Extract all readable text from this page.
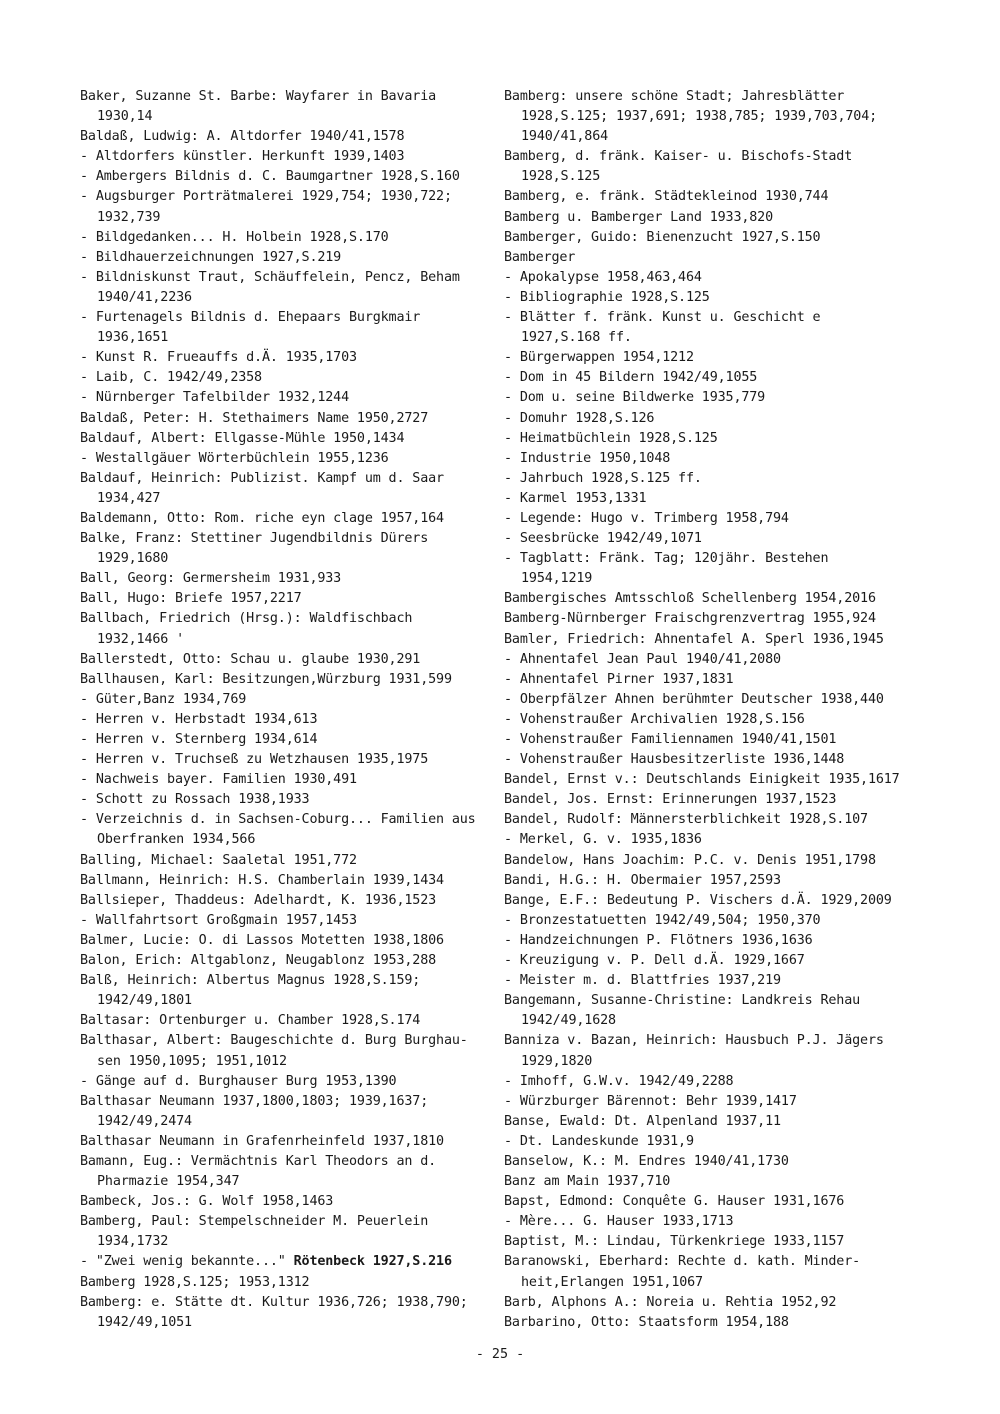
Baker, Suzanne St. Barbe: Wayfarer in Bavaria
1930,14
Baldaß, Ludwig: A. Altdorfer 1940/41,1578
- Altdorfers künstler. Herkunft 1939,1403
- Ambergers Bildnis d. C. Baumgartner 1928,S.160
- Augsburger Porträtmalerei 1929,754; 1930,722;
1932,739
- Bildgedanken... H. Holbein 1928,S.170
- Bildhauerzeichnungen 1927,S.219
- Bildniskunst Traut, Schäuffelein, Pencz, Beham
1940/41,2236
- Furtenagels Bildnis d. Ehepaars Burgkmair
1936,1651
- Kunst R. Frueauffs d.Ä. 1935,1703
- Laib, C. 1942/49,2358
- Nürnberger Tafelbilder 1932,1244
Baldaß, Peter: H. Stethaimers Name 1950,2727
Baldauf, Albert: Ellgasse-Mühle 1950,1434
- Westallgäuer Wörterbüchlein 1955,1236
Baldauf, Heinrich: Publizist. Kampf um d. Saar
1934,427
Baldemann, Otto: Rom. riche eyn clage 1957,164
Balke, Franz: Stettiner Jugendbildnis Dürers
1929,1680
Ball, Georg: Germersheim 1931,933
Ball, Hugo: Briefe 1957,2217
Ballbach, Friedrich (Hrsg.): Waldfischbach
1932,1466 '
Ballerstedt, Otto: Schau u. glaube 1930,291
Ballhausen, Karl: Besitzungen,Würzburg 1931,599
- Güter,Banz 1934,769
- Herren v. Herbstadt 1934,613
- Herren v. Sternberg 1934,614
- Herren v. Truchseß zu Wetzhausen 1935,1975
- Nachweis bayer. Familien 1930,491
- Schott zu Rossach 1938,1933
- Verzeichnis d. in Sachsen-Coburg... Familien aus
Oberfranken 1934,566
Balling, Michael: Saaletal 1951,772
Ballmann, Heinrich: H.S. Chamberlain 1939,1434
Ballsieper, Thaddeus: Adelhardt, K. 1936,1523
- Wallfahrtsort Großgmain 1957,1453
Balmer, Lucie: O. di Lassos Motetten 1938,1806
Balon, Erich: Altgablonz, Neugablonz 1953,288
Balß, Heinrich: Albertus Magnus 1928,S.159;
1942/49,1801
Baltasar: Ortenburger u. Chamber 1928,S.174
Balthasar, Albert: Baugeschichte d. Burg Burghau-
sen 1950,1095; 1951,1012
- Gänge auf d. Burghauser Burg 1953,1390
Balthasar Neumann 1937,1800,1803; 1939,1637;
1942/49,2474
Balthasar Neumann in Grafenrheinfeld 1937,1810
Bamann, Eug.: Vermächtnis Karl Theodors an d.
Pharmazie 1954,347
Bambeck, Jos.: G. Wolf 1958,1463
Bamberg, Paul: Stempelschneider M. Peuerlein
1934,1732
- "Zwei wenig bekannte..." Rötenbeck 1927,S.216
Bamberg 1928,S.125; 1953,1312
Bamberg: e. Stätte dt. Kultur 1936,726; 1938,790;
1942/49,1051
Bamberg: unsere schöne Stadt; Jahresblätter
1928,S.125; 1937,691; 1938,785; 1939,703,704;
1940/41,864
Bamberg, d. fränk. Kaiser- u. Bischofs-Stadt
1928,S.125
Bamberg, e. fränk. Städtekleinod 1930,744
Bamberg u. Bamberger Land 1933,820
Bamberger, Guido: Bienenzucht 1927,S.150
Bamberger
- Apokalypse 1958,463,464
- Bibliographie 1928,S.125
- Blätter f. fränk. Kunst u. Geschicht e
1927,S.168 ff.
- Bürgerwappen 1954,1212
- Dom in 45 Bildern 1942/49,1055
- Dom u. seine Bildwerke 1935,779
- Domuhr 1928,S.126
- Heimatbüchlein 1928,S.125
- Industrie 1950,1048
- Jahrbuch 1928,S.125 ff.
- Karmel 1953,1331
- Legende: Hugo v. Trimberg 1958,794
- Seesbrücke 1942/49,1071
- Tagblatt: Fränk. Tag; 120jähr. Bestehen
1954,1219
Bambergisches Amtsschloß Schellenberg 1954,2016
Bamberg-Nürnberger Fraischgrenzvertrag 1955,924
Bamler, Friedrich: Ahnentafel A. Sperl 1936,1945
- Ahnentafel Jean Paul 1940/41,2080
- Ahnentafel Pirner 1937,1831
- Oberpfälzer Ahnen berühmter Deutscher 1938,440
- Vohenstraußer Archivalien 1928,S.156
- Vohenstraußer Familiennamen 1940/41,1501
- Vohenstraußer Hausbesitzerliste 1936,1448
Bandel, Ernst v.: Deutschlands Einigkeit 1935,1617
Bandel, Jos. Ernst: Erinnerungen 1937,1523
Bandel, Rudolf: Männersterblichkeit 1928,S.107
- Merkel, G. v. 1935,1836
Bandelow, Hans Joachim: P.C. v. Denis 1951,1798
Bandi, H.G.: H. Obermaier 1957,2593
Bange, E.F.: Bedeutung P. Vischers d.Ä. 1929,2009
- Bronzestatuetten 1942/49,504; 1950,370
- Handzeichnungen P. Flötners 1936,1636
- Kreuzigung v. P. Dell d.Ä. 1929,1667
- Meister m. d. Blattfries 1937,219
Bangemann, Susanne-Christine: Landkreis Rehau
1942/49,1628
Banniza v. Bazan, Heinrich: Hausbuch P.J. Jägers
1929,1820
- Imhoff, G.W.v. 1942/49,2288
- Würzburger Bärennot: Behr 1939,1417
Banse, Ewald: Dt. Alpenland 1937,11
- Dt. Landeskunde 1931,9
Banselow, K.: M. Endres 1940/41,1730
Banz am Main 1937,710
Bapst, Edmond: Conquête G. Hauser 1931,1676
- Mère... G. Hauser 1933,1713
Baptist, M.: Lindau, Türkenkriege 1933,1157
Baranowski, Eberhard: Rechte d. kath. Minder-
heit,Erlangen 1951,1067
Barb, Alphons A.: Noreia u. Rehtia 1952,92
Barbarino, Otto: Staatsform 1954,188
- 25 -
